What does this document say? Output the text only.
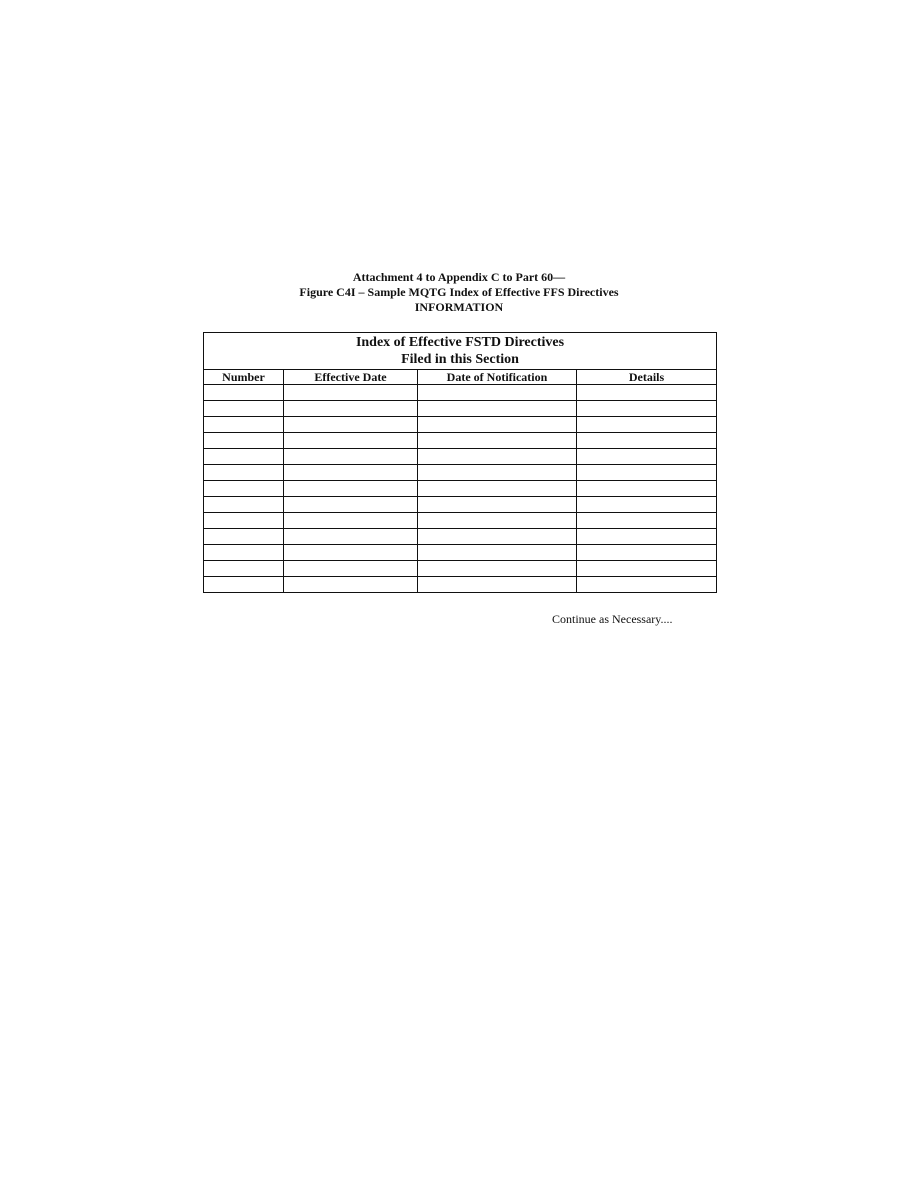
Attachment 4 to Appendix C to Part 60—
Figure C4I – Sample MQTG Index of Effective FFS Directives
INFORMATION
Index of Effective FSTD Directives
Filed in this Section			

Number	Effective Date	Date of Notification	Details

Continue as Necessary....
